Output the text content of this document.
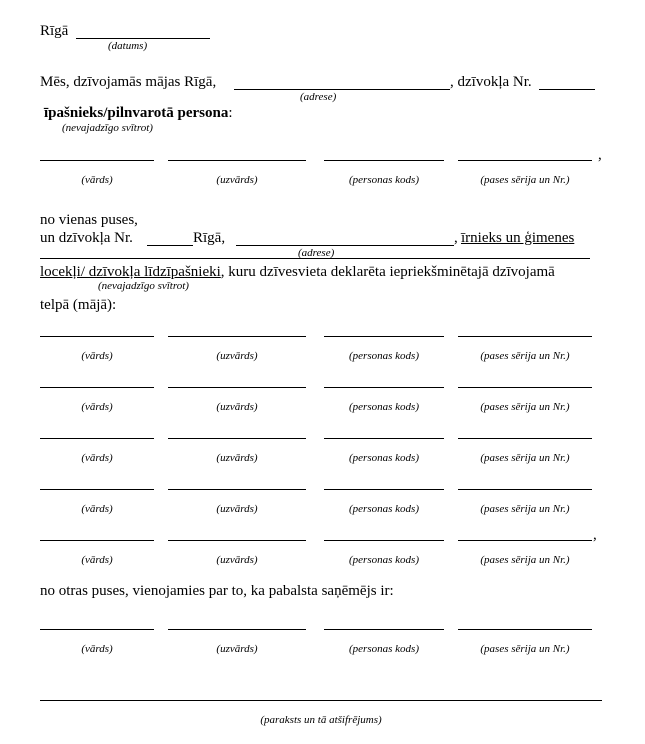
Rīgā
(datums)
Mēs, dzīvojamās mājas Rīgā,	, dzīvokļa Nr.
(adrese)
īpašnieks/pilnvarotā persona:
(nevajadzīgo svītrot)
,
(vārds)	(uzvārds)	(personas kods)	(pases sērija un Nr.)
no vienas puses,
un dzīvokļa Nr.	Rīgā,	, īrnieks un ģimenes
(adrese)
locekļi/ dzīvokļa līdzīpašnieki, kuru dzīvesvieta deklarēta iepriekšminētajā dzīvojamā
(nevajadzīgo svītrot)
telpā (mājā):
(vārds)	(uzvārds)	(personas kods)	(pases sērija un Nr.)
(vārds)	(uzvārds)	(personas kods)	(pases sērija un Nr.)
(vārds)	(uzvārds)	(personas kods)	(pases sērija un Nr.)
(vārds)	(uzvārds)	(personas kods)	(pases sērija un Nr.)
,
(vārds)	(uzvārds)	(personas kods)	(pases sērija un Nr.)
no otras puses, vienojamies par to, ka pabalsta saņēmējs ir:
(vārds)	(uzvārds)	(personas kods)	(pases sērija un Nr.)
(paraksts un tā atšifrējums)
